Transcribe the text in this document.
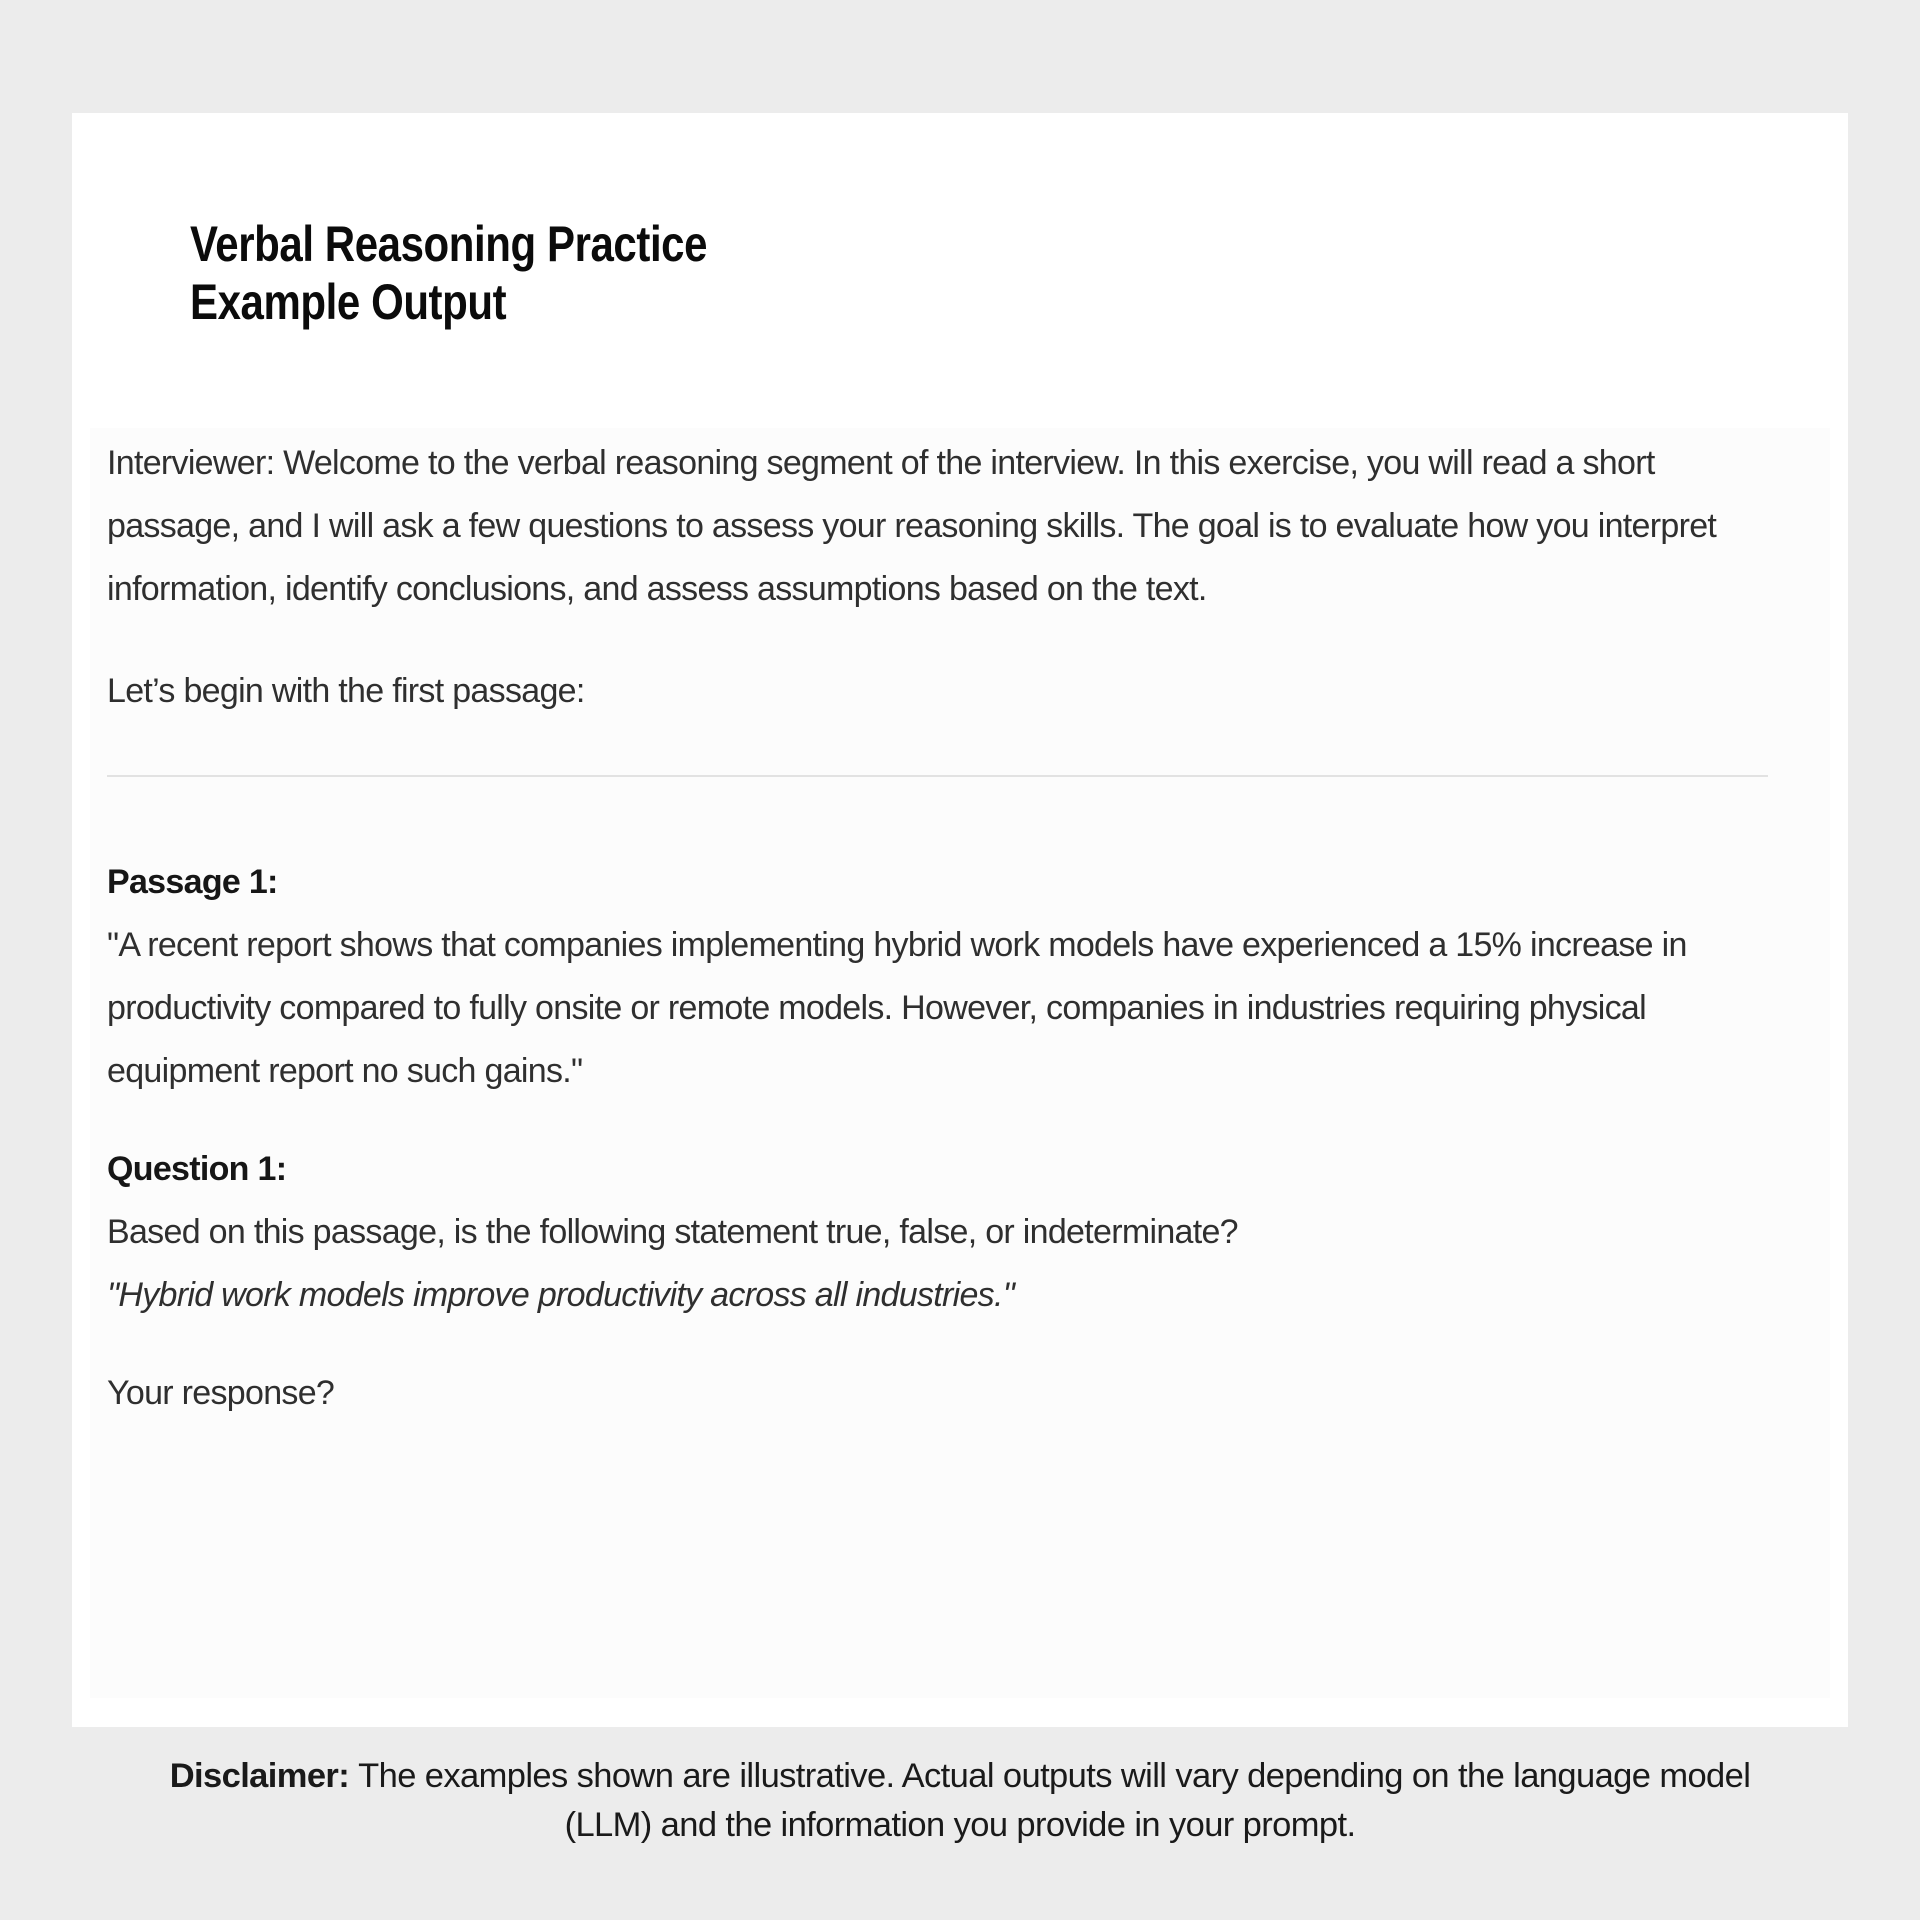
Verbal Reasoning Practice
Example Output

Interviewer: Welcome to the verbal reasoning segment of the interview. In this exercise, you will read a short passage, and I will ask a few questions to assess your reasoning skills. The goal is to evaluate how you interpret information, identify conclusions, and assess assumptions based on the text.

Let’s begin with the first passage:

Passage 1:
"A recent report shows that companies implementing hybrid work models have experienced a 15% increase in productivity compared to fully onsite or remote models. However, companies in industries requiring physical equipment report no such gains."
Question 1:
Based on this passage, is the following statement true, false, or indeterminate?
"Hybrid work models improve productivity across all industries."

Your response?

Disclaimer: The examples shown are illustrative. Actual outputs will vary depending on the language model
(LLM) and the information you provide in your prompt.
